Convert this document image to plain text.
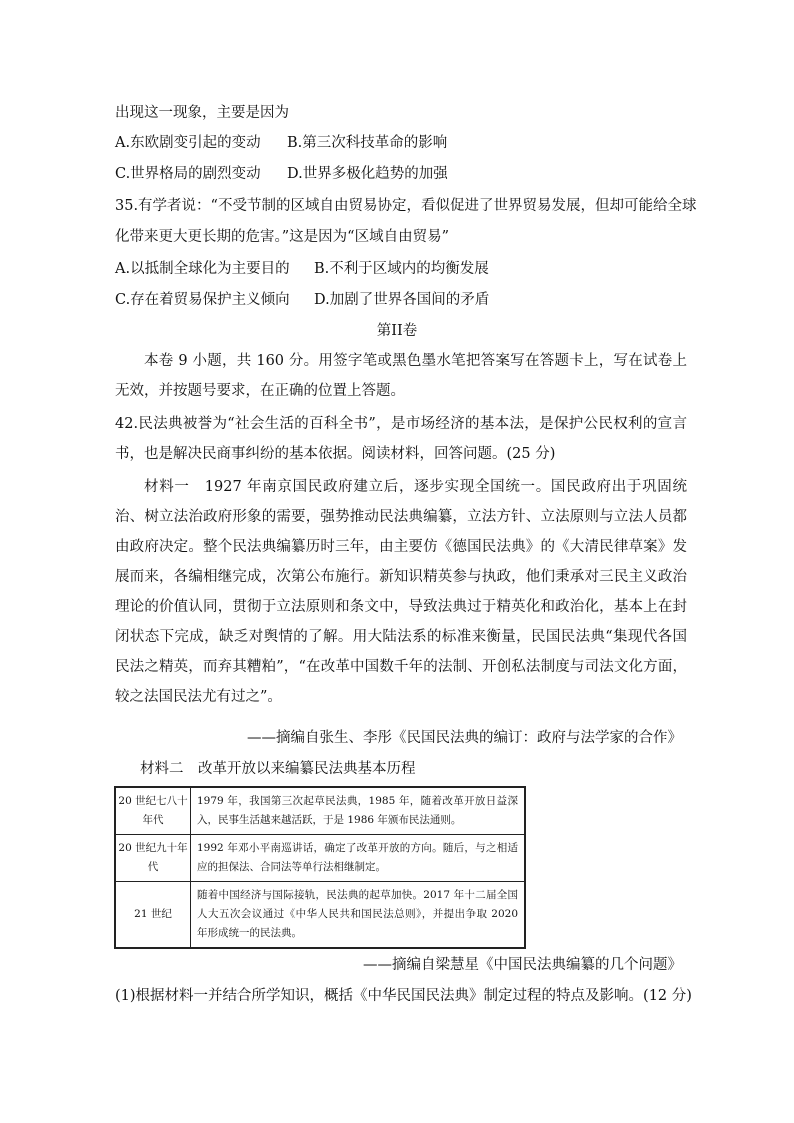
出现这一现象，主要是因为
A.东欧剧变引起的变动 B.第三次科技革命的影响
C.世界格局的剧烈变动 D.世界多极化趋势的加强
35.有学者说：“不受节制的区域自由贸易协定，看似促进了世界贸易发展，但却可能给全球
化带来更大更长期的危害。”这是因为“区域自由贸易”
A.以抵制全球化为主要目的 B.不利于区域内的均衡发展
C.存在着贸易保护主义倾向 D.加剧了世界各国间的矛盾
第II卷
本卷 9 小题，共 160 分。用签字笔或黑色墨水笔把答案写在答题卡上，写在试卷上无效，并按题号要求，在正确的位置上答题。
42.民法典被誉为“社会生活的百科全书”，是市场经济的基本法，是保护公民权利的宣言书，也是解决民商事纠纷的基本依据。阅读材料，回答问题。(25 分)
材料一　1927 年南京国民政府建立后，逐步实现全国统一。国民政府出于巩固统治、树立法治政府形象的需要，强势推动民法典编纂，立法方针、立法原则与立法人员都由政府决定。整个民法典编纂历时三年，由主要仿《德国民法典》的《大清民律草案》发展而来，各编相继完成，次第公布施行。新知识精英参与执政，他们秉承对三民主义政治理论的价值认同，贯彻于立法原则和条文中，导致法典过于精英化和政治化，基本上在封闭状态下完成，缺乏对舆情的了解。用大陆法系的标准来衡量，民国民法典“集现代各国民法之精英，而弃其糟粕”，“在改革中国数千年的法制、开创私法制度与司法文化方面，较之法国民法尤有过之”。
——摘编自张生、李彤《民国民法典的编订：政府与法学家的合作》
材料二　改革开放以来编纂民法典基本历程
20 世纪七八十年代	1979 年，我国第三次起草民法典，1985 年，随着改革开放日益深入，民事生活越来越活跃，于是 1986 年颁布民法通则。
20 世纪九十年代	1992 年邓小平南巡讲话，确定了改革开放的方向。随后，与之相适应的担保法、合同法等单行法相继制定。
21 世纪	随着中国经济与国际接轨，民法典的起草加快。2017 年十二届全国人大五次会议通过《中华人民共和国民法总则》，并提出争取 2020 年形成统一的民法典。
——摘编自梁慧星《中国民法典编纂的几个问题》
(1)根据材料一并结合所学知识，概括《中华民国民法典》制定过程的特点及影响。(12 分)
